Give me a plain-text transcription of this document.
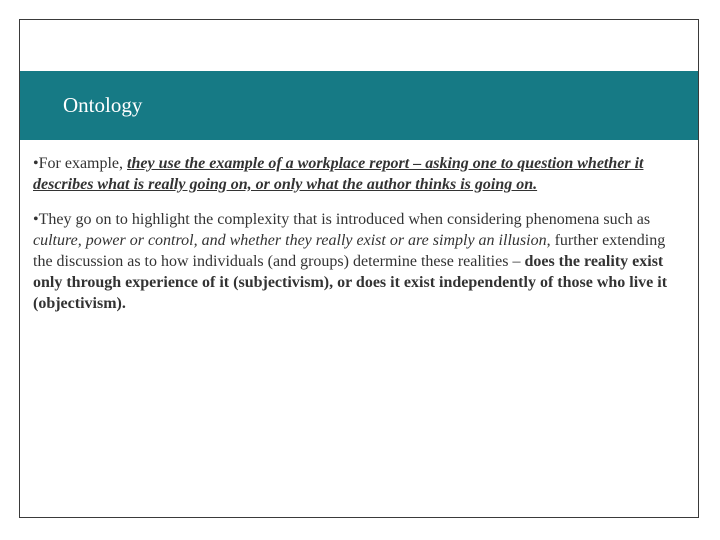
Ontology

•For example, they use the example of a workplace report – asking one to question whether it describes what is really going on, or only what the author thinks is going on.

•They go on to highlight the complexity that is introduced when considering phenomena such as culture, power or control, and whether they really exist or are simply an illusion, further extending the discussion as to how individuals (and groups) determine these realities – does the reality exist only through experience of it (subjectivism), or does it exist independently of those who live it (objectivism).
